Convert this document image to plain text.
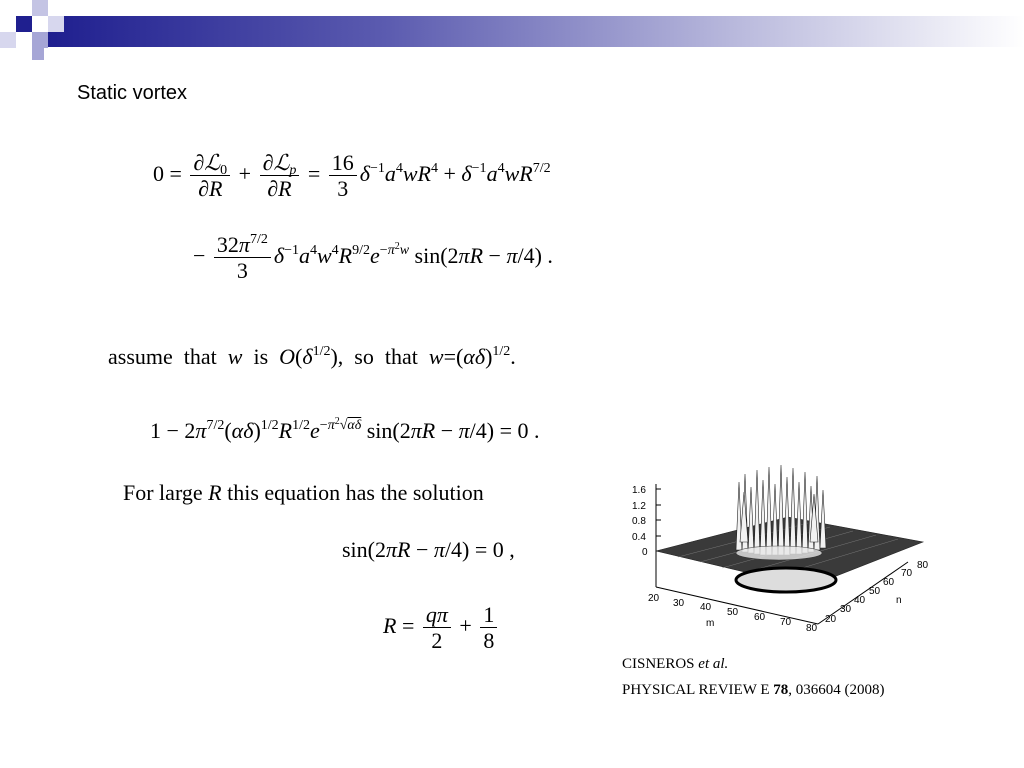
Static vortex
$0 = \frac{\partial ℒ_0}{\partial R} + \frac{\partial ℒ_p}{\partial R} = \frac{16}{3} \delta^{-1}a^4wR^4 + \delta^{-1}a^4wR^{7/2}$
− $\frac{32\pi^{7/2}}{3} \delta^{-1}a^4w^4R^{9/2}e^{-\pi^2w}$ sin(2πR − π/4) .
assume  that  w  is  $O(\delta^{1/2})$,  so  that  $w=(\alpha\delta)^{1/2}$.
$1 - 2\pi^{7/2}(\alpha\delta)^{1/2}R^{1/2}e^{-\pi^2√\alpha\delta}$ sin(2πR − π/4) = 0 .
For large R this equation has the solution
sin(2πR − π/4) = 0 ,
$R = \frac{q\pi}{2} + \frac{1}{8}$
1.6
1.2
0.8
0.4
0
20 30 40 50 60 70
80
m	20
30
40
50
60
70
80
n
CISNEROS et al.
PHYSICAL REVIEW E 78, 036604 (2008)
